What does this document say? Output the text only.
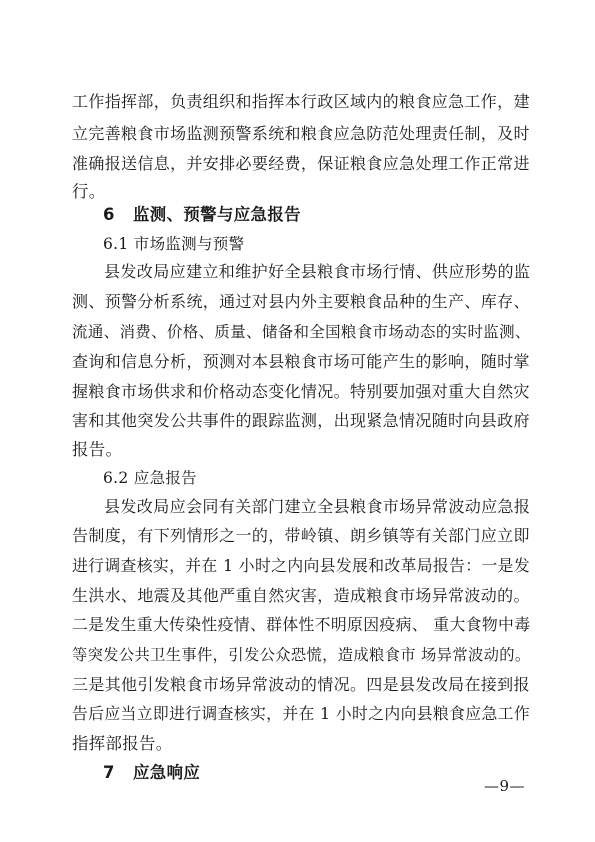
工作指挥部，负责组织和指挥本行政区域内的粮食应急工作，建
立完善粮食市场监测预警系统和粮食应急防范处理责任制，及时
准确报送信息，并安排必要经费，保证粮食应急处理工作正常进
行。
6 监测、预警与应急报告
6.1 市场监测与预警
县发改局应建立和维护好全县粮食市场行情、供应形势的监
测、预警分析系统，通过对县内外主要粮食品种的生产、库存、
流通、消费、价格、质量、储备和全国粮食市场动态的实时监测、
查询和信息分析，预测对本县粮食市场可能产生的影响，随时掌
握粮食市场供求和价格动态变化情况。特别要加强对重大自然灾
害和其他突发公共事件的跟踪监测，出现紧急情况随时向县政府
报告。
6.2 应急报告
县发改局应会同有关部门建立全县粮食市场异常波动应急报
告制度，有下列情形之一的，带岭镇、朗乡镇等有关部门应立即
进行调查核实，并在 1 小时之内向县发展和改革局报告：一是发
生洪水、地震及其他严重自然灾害，造成粮食市场异常波动的。
二是发生重大传染性疫情、群体性不明原因疫病、 重大食物中毒
等突发公共卫生事件，引发公众恐慌，造成粮食市 场异常波动的。
三是其他引发粮食市场异常波动的情况。四是县发改局在接到报
告后应当立即进行调查核实，并在 1 小时之内向县粮食应急工作
指挥部报告。
7 应急响应
—9—
